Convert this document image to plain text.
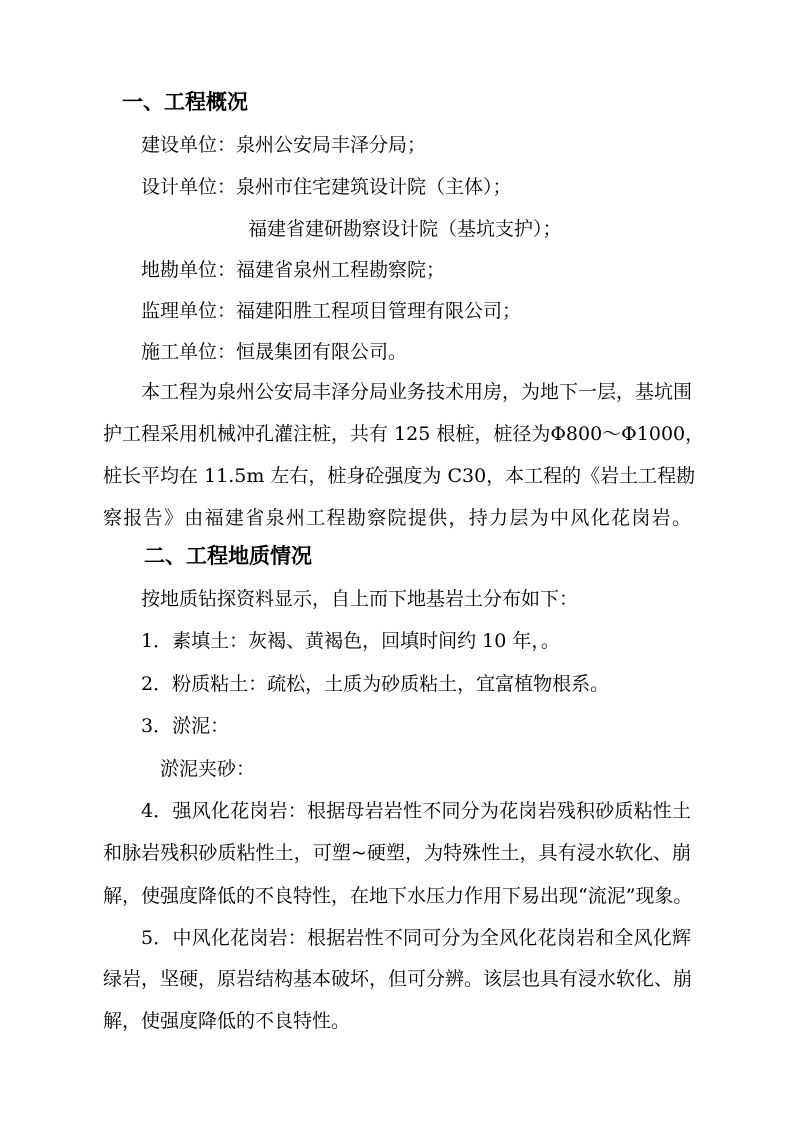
一、工程概况
建设单位：泉州公安局丰泽分局；
设计单位：泉州市住宅建筑设计院（主体）；
福建省建研勘察设计院（基坑支护）；
地勘单位：福建省泉州工程勘察院；
监理单位：福建阳胜工程项目管理有限公司；
施工单位：恒晟集团有限公司。
本工程为泉州公安局丰泽分局业务技术用房，为地下一层，基坑围
护工程采用机械冲孔灌注桩，共有 125 根桩，桩径为Φ800～Φ1000，
桩长平均在 11.5m 左右，桩身砼强度为 C30，本工程的《岩土工程勘
察报告》由福建省泉州工程勘察院提供，持力层为中风化花岗岩。
二、工程地质情况
按地质钻探资料显示，自上而下地基岩土分布如下：
1．素填土：灰褐、黄褐色，回填时间约 10 年，。
2．粉质粘土：疏松，土质为砂质粘土，宜富植物根系。
3．淤泥：
淤泥夹砂：
4．强风化花岗岩：根据母岩岩性不同分为花岗岩残积砂质粘性土
和脉岩残积砂质粘性土，可塑~硬塑，为特殊性土，具有浸水软化、崩
解，使强度降低的不良特性，在地下水压力作用下易出现“流泥”现象。
5．中风化花岗岩：根据岩性不同可分为全风化花岗岩和全风化辉
绿岩，坚硬，原岩结构基本破坏，但可分辨。该层也具有浸水软化、崩
解，使强度降低的不良特性。
